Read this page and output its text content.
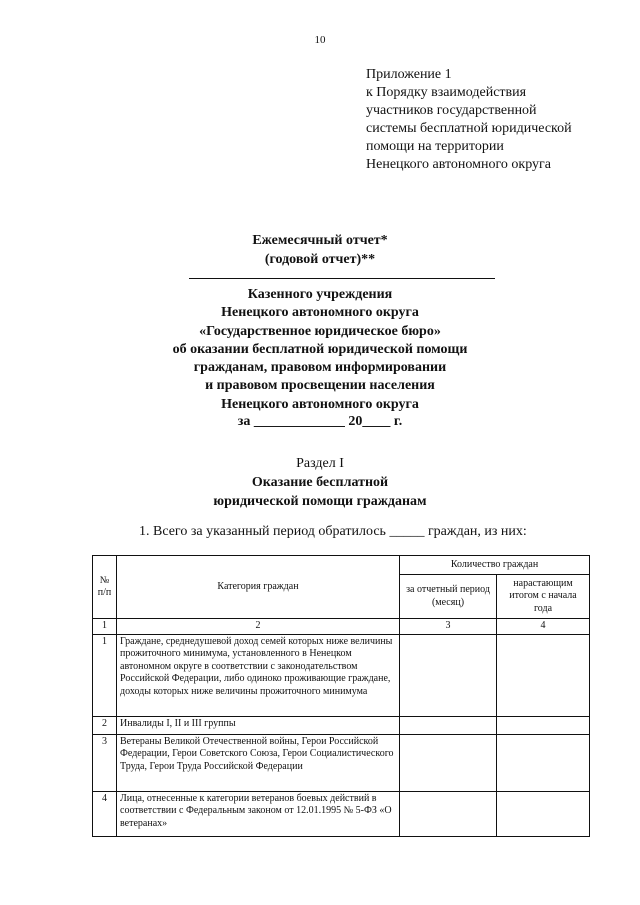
10
Приложение 1
к Порядку взаимодействия
участников государственной
системы бесплатной юридической
помощи на территории
Ненецкого автономного округа
Ежемесячный отчет*
(годовой отчет)**
Казенного учреждения
Ненецкого автономного округа
«Государственное юридическое бюро»
об оказании бесплатной юридической помощи
гражданам, правовом информировании
и правовом просвещении населения
Ненецкого автономного округа
за _____________ 20____ г.
Раздел I
Оказание бесплатной
юридической помощи гражданам
1. Всего за указанный период обратилось _____ граждан, из них:
№ п/п	Категория граждан	Количество граждан	
		за отчетный период (месяц)	нарастающим итогом с начала года
1	2	3	4
1	Граждане, среднедушевой доход семей которых ниже величины прожиточного минимума, установленного в Ненецком автономном округе в соответствии с законодательством Российской Федерации, либо одиноко проживающие граждане, доходы которых ниже величины прожиточного минимума		
2	Инвалиды I, II и III группы		
3	Ветераны Великой Отечественной войны, Герои Российской Федерации, Герои Советского Союза, Герои Социалистического Труда, Герои Труда Российской Федерации		
4	Лица, отнесенные к категории ветеранов боевых действий в соответствии с Федеральным законом от 12.01.1995 № 5-ФЗ «О ветеранах»		
